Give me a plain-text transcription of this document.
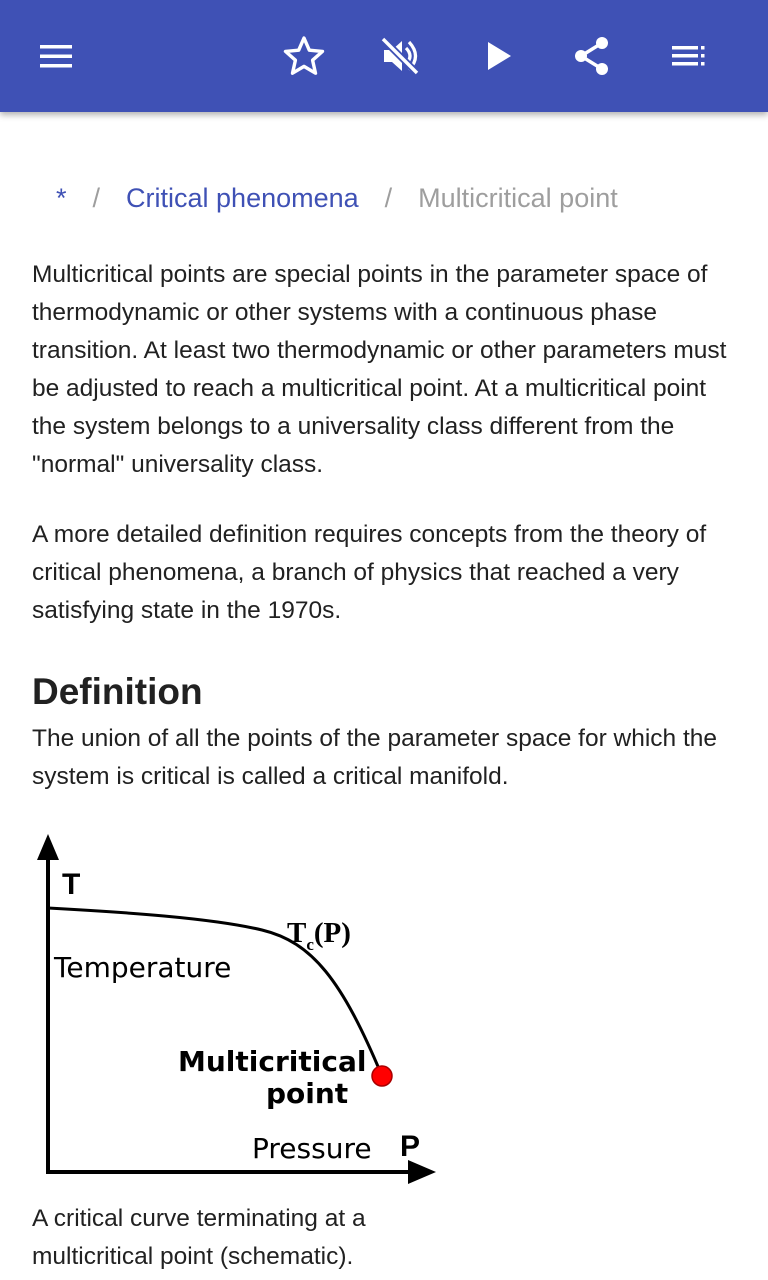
* / Critical phenomena / Multicritical point

Multicritical points are special points in the parameter space of thermodynamic or other systems with a continuous phase transition. At least two thermodynamic or other parameters must be adjusted to reach a multicritical point. At a multicritical point the system belongs to a universality class different from the "normal" universality class.

A more detailed definition requires concepts from the theory of critical phenomena, a branch of physics that reached a very satisfying state in the 1970s.

Definition

The union of all the points of the parameter space for which the system is critical is called a critical manifold.

T
Temperature
$T_c(P)$
Multicritical
point
Pressure P

A critical curve terminating at a multicritical point (schematic).
